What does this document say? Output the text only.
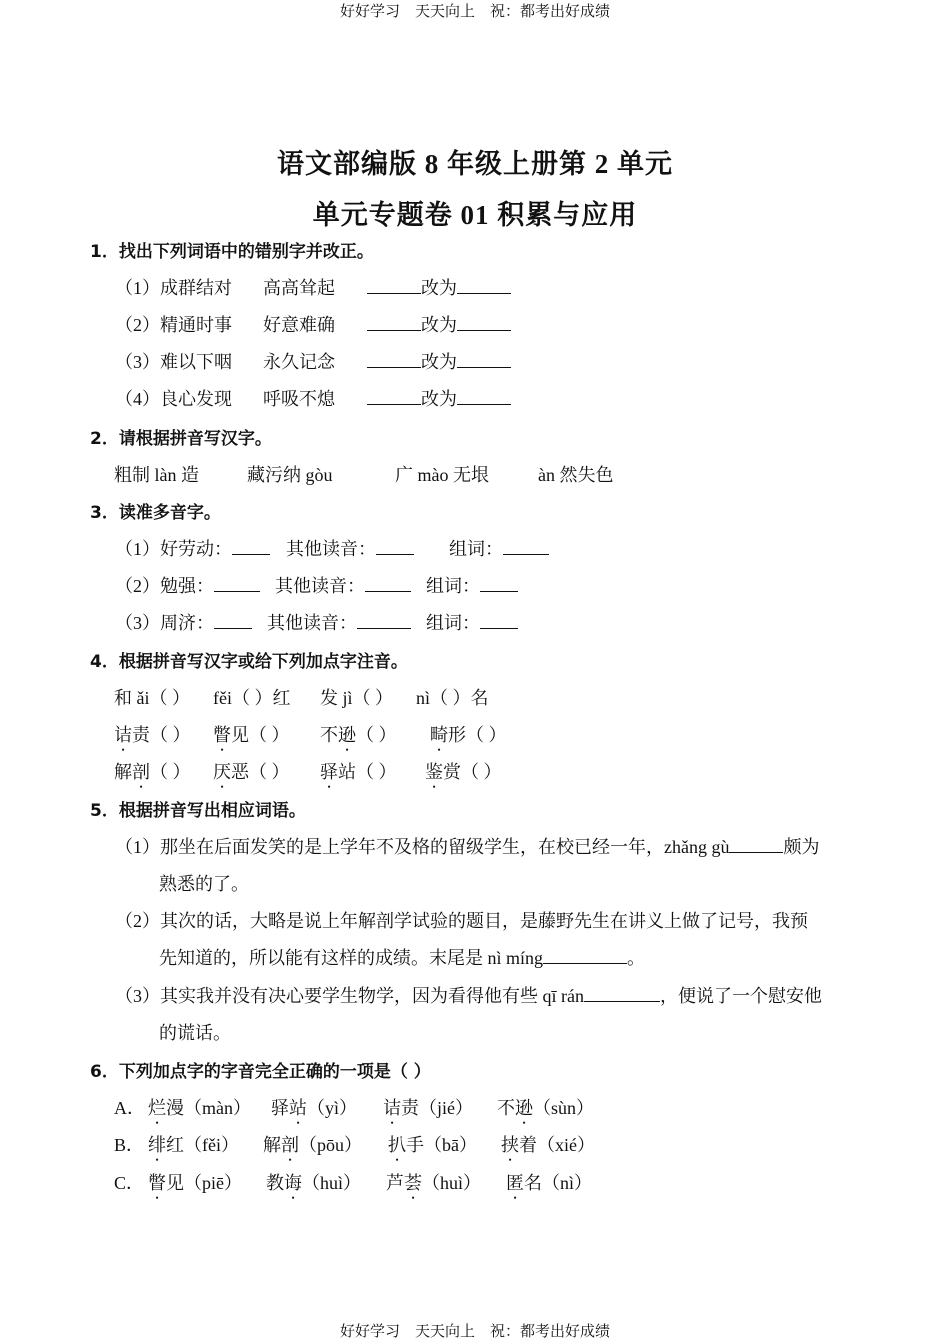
好好学习　天天向上　祝：都考出好成绩
好好学习　天天向上　祝：都考出好成绩
语文部编版 8 年级上册第 2 单元
单元专题卷 01 积累与应用
1．找出下列词语中的错别字并改正。
（1）成群结对 高高耸起	改为
（2）精通时事 好意难确	改为
（3）难以下咽 永久记念	改为
（4）良心发现 呼吸不熄	改为
2．请根据拼音写汉字。
粗制 làn 造	藏污纳 gòu	广 mào 无垠	àn 然失色
3．读准多音字。
（1）好劳动：	其他读音：	组词：
（2）勉强：	其他读音：	组词：
（3）周济：	其他读音：	组词：
4．根据拼音写汉字或给下列加点字注音。
和 ǎi（ ） fěi（ ）红 发 jì（ ） nì（ ）名
诘责（ ） 瞥见（ ） 不逊（ ） 畸形（ ）
解剖（ ） 厌恶（ ） 驿站（ ） 鉴赏（ ）
5．根据拼音写出相应词语。
（1）那坐在后面发笑的是上学年不及格的留级学生，在校已经一年，zhǎng gù	颇为
熟悉的了。
（2）其次的话，大略是说上年解剖学试验的题目，是藤野先生在讲义上做了记号，我预
先知道的，所以能有这样的成绩。末尾是 nì míng	。
（3）其实我并没有决心要学生物学，因为看得他有些 qī rán	，便说了一个慰安他
的谎话。
6．下列加点字的字音完全正确的一项是（ ）
A． 烂漫（màn） 驿站（yì） 诘责（jié） 不逊（sùn）
B． 绯红（fěi） 解剖（pōu） 扒手（bā） 挟着（xié）
C． 瞥见（piē） 教诲（huì） 芦荟（huì） 匿名（nì）
